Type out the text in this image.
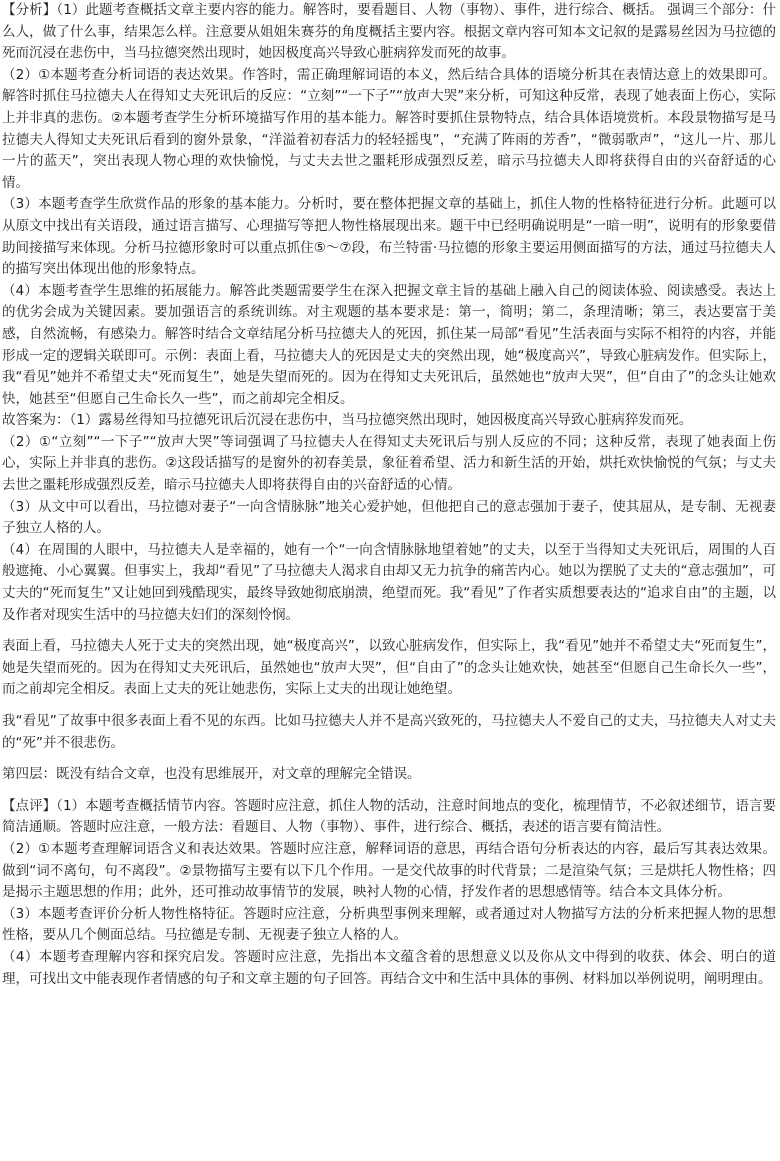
【分析】（1）此题考查概括文章主要内容的能力。解答时，要看题目、人物（事物）、事件，进行综合、概括。 强调三个部分：什么人，做了什么事，结果怎么样。注意要从姐姐朱赛芬的角度概括主要内容。根据文章内容可知本文记叙的是露易丝因为马拉德的死而沉浸在悲伤中，当马拉德突然出现时，她因极度高兴导致心脏病猝发而死的故事。

（2）①本题考查分析词语的表达效果。作答时，需正确理解词语的本义，然后结合具体的语境分析其在表情达意上的效果即可。解答时抓住马拉德夫人在得知丈夫死讯后的反应：“立刻”“一下子”“放声大哭”来分析，可知这种反常，表现了她表面上伤心，实际上并非真的悲伤。②本题考查学生分析环境描写作用的基本能力。解答时要抓住景物特点，结合具体语境赏析。本段景物描写是马拉德夫人得知丈夫死讯后看到的窗外景象，“洋溢着初春活力的轻轻摇曳”，“充满了阵雨的芳香”，“微弱歌声”，“这儿一片、那儿一片的蓝天”，突出表现人物心理的欢快愉悦，与丈夫去世之噩耗形成强烈反差，暗示马拉德夫人即将获得自由的兴奋舒适的心情。

（3）本题考查学生欣赏作品的形象的基本能力。分析时，要在整体把握文章的基础上，抓住人物的性格特征进行分析。此题可以从原文中找出有关语段，通过语言描写、心理描写等把人物性格展现出来。题干中已经明确说明是“一暗一明”，说明有的形象要借助间接描写来体现。分析马拉德形象时可以重点抓住⑤～⑦段，布兰特雷·马拉德的形象主要运用侧面描写的方法，通过马拉德夫人的描写突出体现出他的形象特点。

（4）本题考查学生思维的拓展能力。解答此类题需要学生在深入把握文章主旨的基础上融入自己的阅读体验、阅读感受。表达上的优劣会成为关键因素。要加强语言的系统训练。对主观题的基本要求是：第一，简明；第二，条理清晰；第三，表达要富于美感，自然流畅，有感染力。解答时结合文章结尾分析马拉德夫人的死因，抓住某一局部“看见”生活表面与实际不相符的内容，并能形成一定的逻辑关联即可。示例：表面上看，马拉德夫人的死因是丈夫的突然出现，她“极度高兴”，导致心脏病发作。但实际上，我“看见”她并不希望丈夫“死而复生”，她是失望而死的。因为在得知丈夫死讯后，虽然她也“放声大哭”，但“自由了”的念头让她欢快，她甚至“但愿自己生命长久一些”，而之前却完全相反。

故答案为：（1）露易丝得知马拉德死讯后沉浸在悲伤中，当马拉德突然出现时，她因极度高兴导致心脏病猝发而死。

（2）①“立刻”“一下子”“放声大哭”等词强调了马拉德夫人在得知丈夫死讯后与别人反应的不同；这种反常，表现了她表面上伤心，实际上并非真的悲伤。②这段话描写的是窗外的初春美景，象征着希望、活力和新生活的开始，烘托欢快愉悦的气氛；与丈夫去世之噩耗形成强烈反差，暗示马拉德夫人即将获得自由的兴奋舒适的心情。

（3）从文中可以看出，马拉德对妻子“一向含情脉脉”地关心爱护她，但他把自己的意志强加于妻子，使其屈从，是专制、无视妻子独立人格的人。

（4）在周围的人眼中，马拉德夫人是幸福的，她有一个“一向含情脉脉地望着她”的丈夫，以至于当得知丈夫死讯后，周围的人百般遮掩、小心翼翼。但事实上，我却“看见”了马拉德夫人渴求自由却又无力抗争的痛苦内心。她以为摆脱了丈夫的“意志强加”，可丈夫的“死而复生”又让她回到残酷现实，最终导致她彻底崩溃，绝望而死。我“看见”了作者实质想要表达的“追求自由”的主题，以及作者对现实生活中的马拉德夫妇们的深刻怜悯。

表面上看，马拉德夫人死于丈夫的突然出现，她“极度高兴”，以致心脏病发作，但实际上，我“看见”她并不希望丈夫“死而复生”，她是失望而死的。因为在得知丈夫死讯后，虽然她也“放声大哭”，但“自由了”的念头让她欢快，她甚至“但愿自己生命长久一些”，而之前却完全相反。表面上丈夫的死让她悲伤，实际上丈夫的出现让她绝望。

我“看见”了故事中很多表面上看不见的东西。比如马拉德夫人并不是高兴致死的，马拉德夫人不爱自己的丈夫，马拉德夫人对丈夫的“死”并不很悲伤。

第四层：既没有结合文章，也没有思维展开，对文章的理解完全错误。

【点评】（1）本题考查概括情节内容。答题时应注意，抓住人物的活动，注意时间地点的变化，梳理情节，不必叙述细节，语言要简洁通顺。答题时应注意，一般方法：看题目、人物（事物）、事件，进行综合、概括，表述的语言要有简洁性。

（2）①本题考查理解词语含义和表达效果。答题时应注意，解释词语的意思，再结合语句分析表达的内容，最后写其表达效果。做到“词不离句，句不离段”。②景物描写主要有以下几个作用。一是交代故事的时代背景；二是渲染气氛；三是烘托人物性格；四是揭示主题思想的作用；此外，还可推动故事情节的发展，映衬人物的心情，抒发作者的思想感情等。结合本文具体分析。

（3）本题考查评价分析人物性格特征。答题时应注意，分析典型事例来理解，或者通过对人物描写方法的分析来把握人物的思想性格，要从几个侧面总结。马拉德是专制、无视妻子独立人格的人。

（4）本题考查理解内容和探究启发。答题时应注意，先指出本文蕴含着的思想意义以及你从文中得到的收获、体会、明白的道理，可找出文中能表现作者情感的句子和文章主题的句子回答。再结合文中和生活中具体的事例、材料加以举例说明，阐明理由。
